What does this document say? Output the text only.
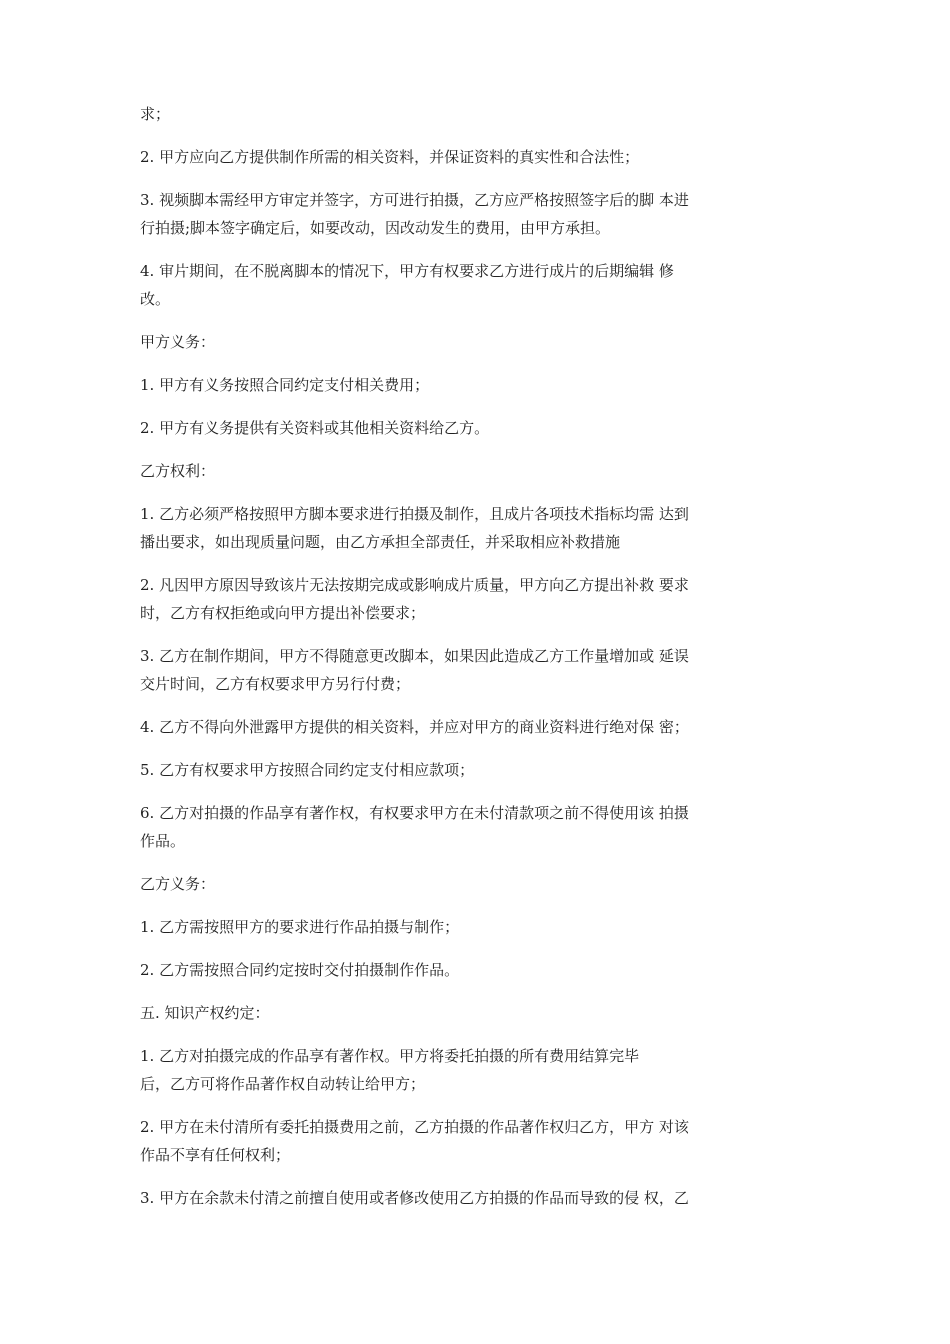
求；

2. 甲方应向乙方提供制作所需的相关资料，并保证资料的真实性和合法性；

3. 视频脚本需经甲方审定并签字，方可进行拍摄，乙方应严格按照签字后的脚 本进
行拍摄;脚本签字确定后，如要改动，因改动发生的费用，由甲方承担。

4. 审片期间，在不脱离脚本的情况下，甲方有权要求乙方进行成片的后期编辑 修
改。

甲方义务：

1. 甲方有义务按照合同约定支付相关费用；

2. 甲方有义务提供有关资料或其他相关资料给乙方。

乙方权利：

1. 乙方必须严格按照甲方脚本要求进行拍摄及制作，且成片各项技术指标均需 达到
播出要求，如出现质量问题，由乙方承担全部责任，并采取相应补救措施

2. 凡因甲方原因导致该片无法按期完成或影响成片质量，甲方向乙方提出补救 要求
时，乙方有权拒绝或向甲方提出补偿要求；

3. 乙方在制作期间，甲方不得随意更改脚本，如果因此造成乙方工作量增加或 延误
交片时间，乙方有权要求甲方另行付费；

4. 乙方不得向外泄露甲方提供的相关资料，并应对甲方的商业资料进行绝对保 密；

5. 乙方有权要求甲方按照合同约定支付相应款项；

6. 乙方对拍摄的作品享有著作权，有权要求甲方在未付清款项之前不得使用该 拍摄
作品。

乙方义务：

1. 乙方需按照甲方的要求进行作品拍摄与制作；

2. 乙方需按照合同约定按时交付拍摄制作作品。

五. 知识产权约定：

1. 乙方对拍摄完成的作品享有著作权。甲方将委托拍摄的所有费用结算完毕
后，乙方可将作品著作权自动转让给甲方；

2. 甲方在未付清所有委托拍摄费用之前，乙方拍摄的作品著作权归乙方，甲方 对该
作品不享有任何权利；

3. 甲方在余款未付清之前擅自使用或者修改使用乙方拍摄的作品而导致的侵 权，乙
